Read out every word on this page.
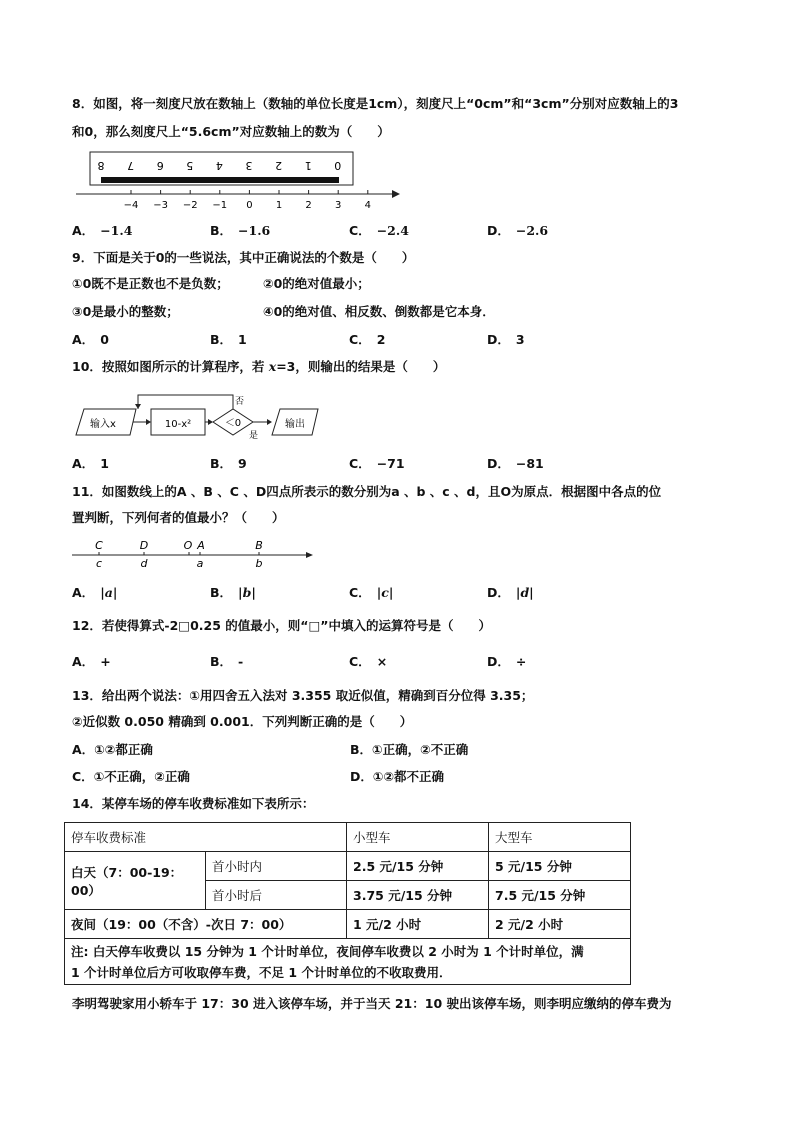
8．如图，将一刻度尺放在数轴上（数轴的单位长度是1cm），刻度尺上“0cm”和“3cm”分别对应数轴上的3
和0，那么刻度尺上“5.6cm”对应数轴上的数为（　　）
8 7 6 5 4 3 2 1 0
−4 −3 −2 −1 0 1 2 3 4
A． −1.4	B． −1.6	C． −2.4	D． −2.6
9．下面是关于0的一些说法，其中正确说法的个数是（　　）
①0既不是正数也不是负数；	②0的绝对值最小；
③0是最小的整数；	④0的绝对值、相反数、倒数都是它本身．
A． 0	B． 1	C． 2	D． 3
10．按照如图所示的计算程序，若 x=3，则输出的结果是（　　）
输入x	10-x²	＜0
否
是
输出
A． 1	B． 9	C． −71	D． −81
11．如图数线上的A 、B 、C 、D四点所表示的数分别为a 、b 、c 、d，且O为原点．根据图中各点的位
置判断，下列何者的值最小？（　　）
C	D	O A	B
c	d	a	b
A． |a|	B． |b|	C． |c|	D． |d|
12．若使得算式-2□0.25 的值最小，则“□”中填入的运算符号是（　　）
A． +	B． -	C． ×	D． ÷
13．给出两个说法：①用四舍五入法对 3.355 取近似值，精确到百分位得 3.35；
②近似数 0.050 精确到 0.001．下列判断正确的是（　　）
A．①②都正确	B．①正确，②不正确
C．①不正确，②正确	D．①②都不正确
14．某停车场的停车收费标准如下表所示：
停车收费标准		小型车	大型车
白天（7：00-19：00）	首小时内	2.5 元/15 分钟	5 元/15 分钟
	首小时后	3.75 元/15 分钟	7.5 元/15 分钟
夜间（19：00（不含）-次日 7：00）		1 元/2 小时	2 元/2 小时

注: 白天停车收费以 15 分钟为 1 个计时单位，夜间停车收费以 2 小时为 1 个计时单位，满
1 个计时单位后方可收取停车费，不足 1 个计时单位的不收取费用．			
李明驾驶家用小轿车于 17：30 进入该停车场，并于当天 21：10 驶出该停车场，则李明应缴纳的停车费为
